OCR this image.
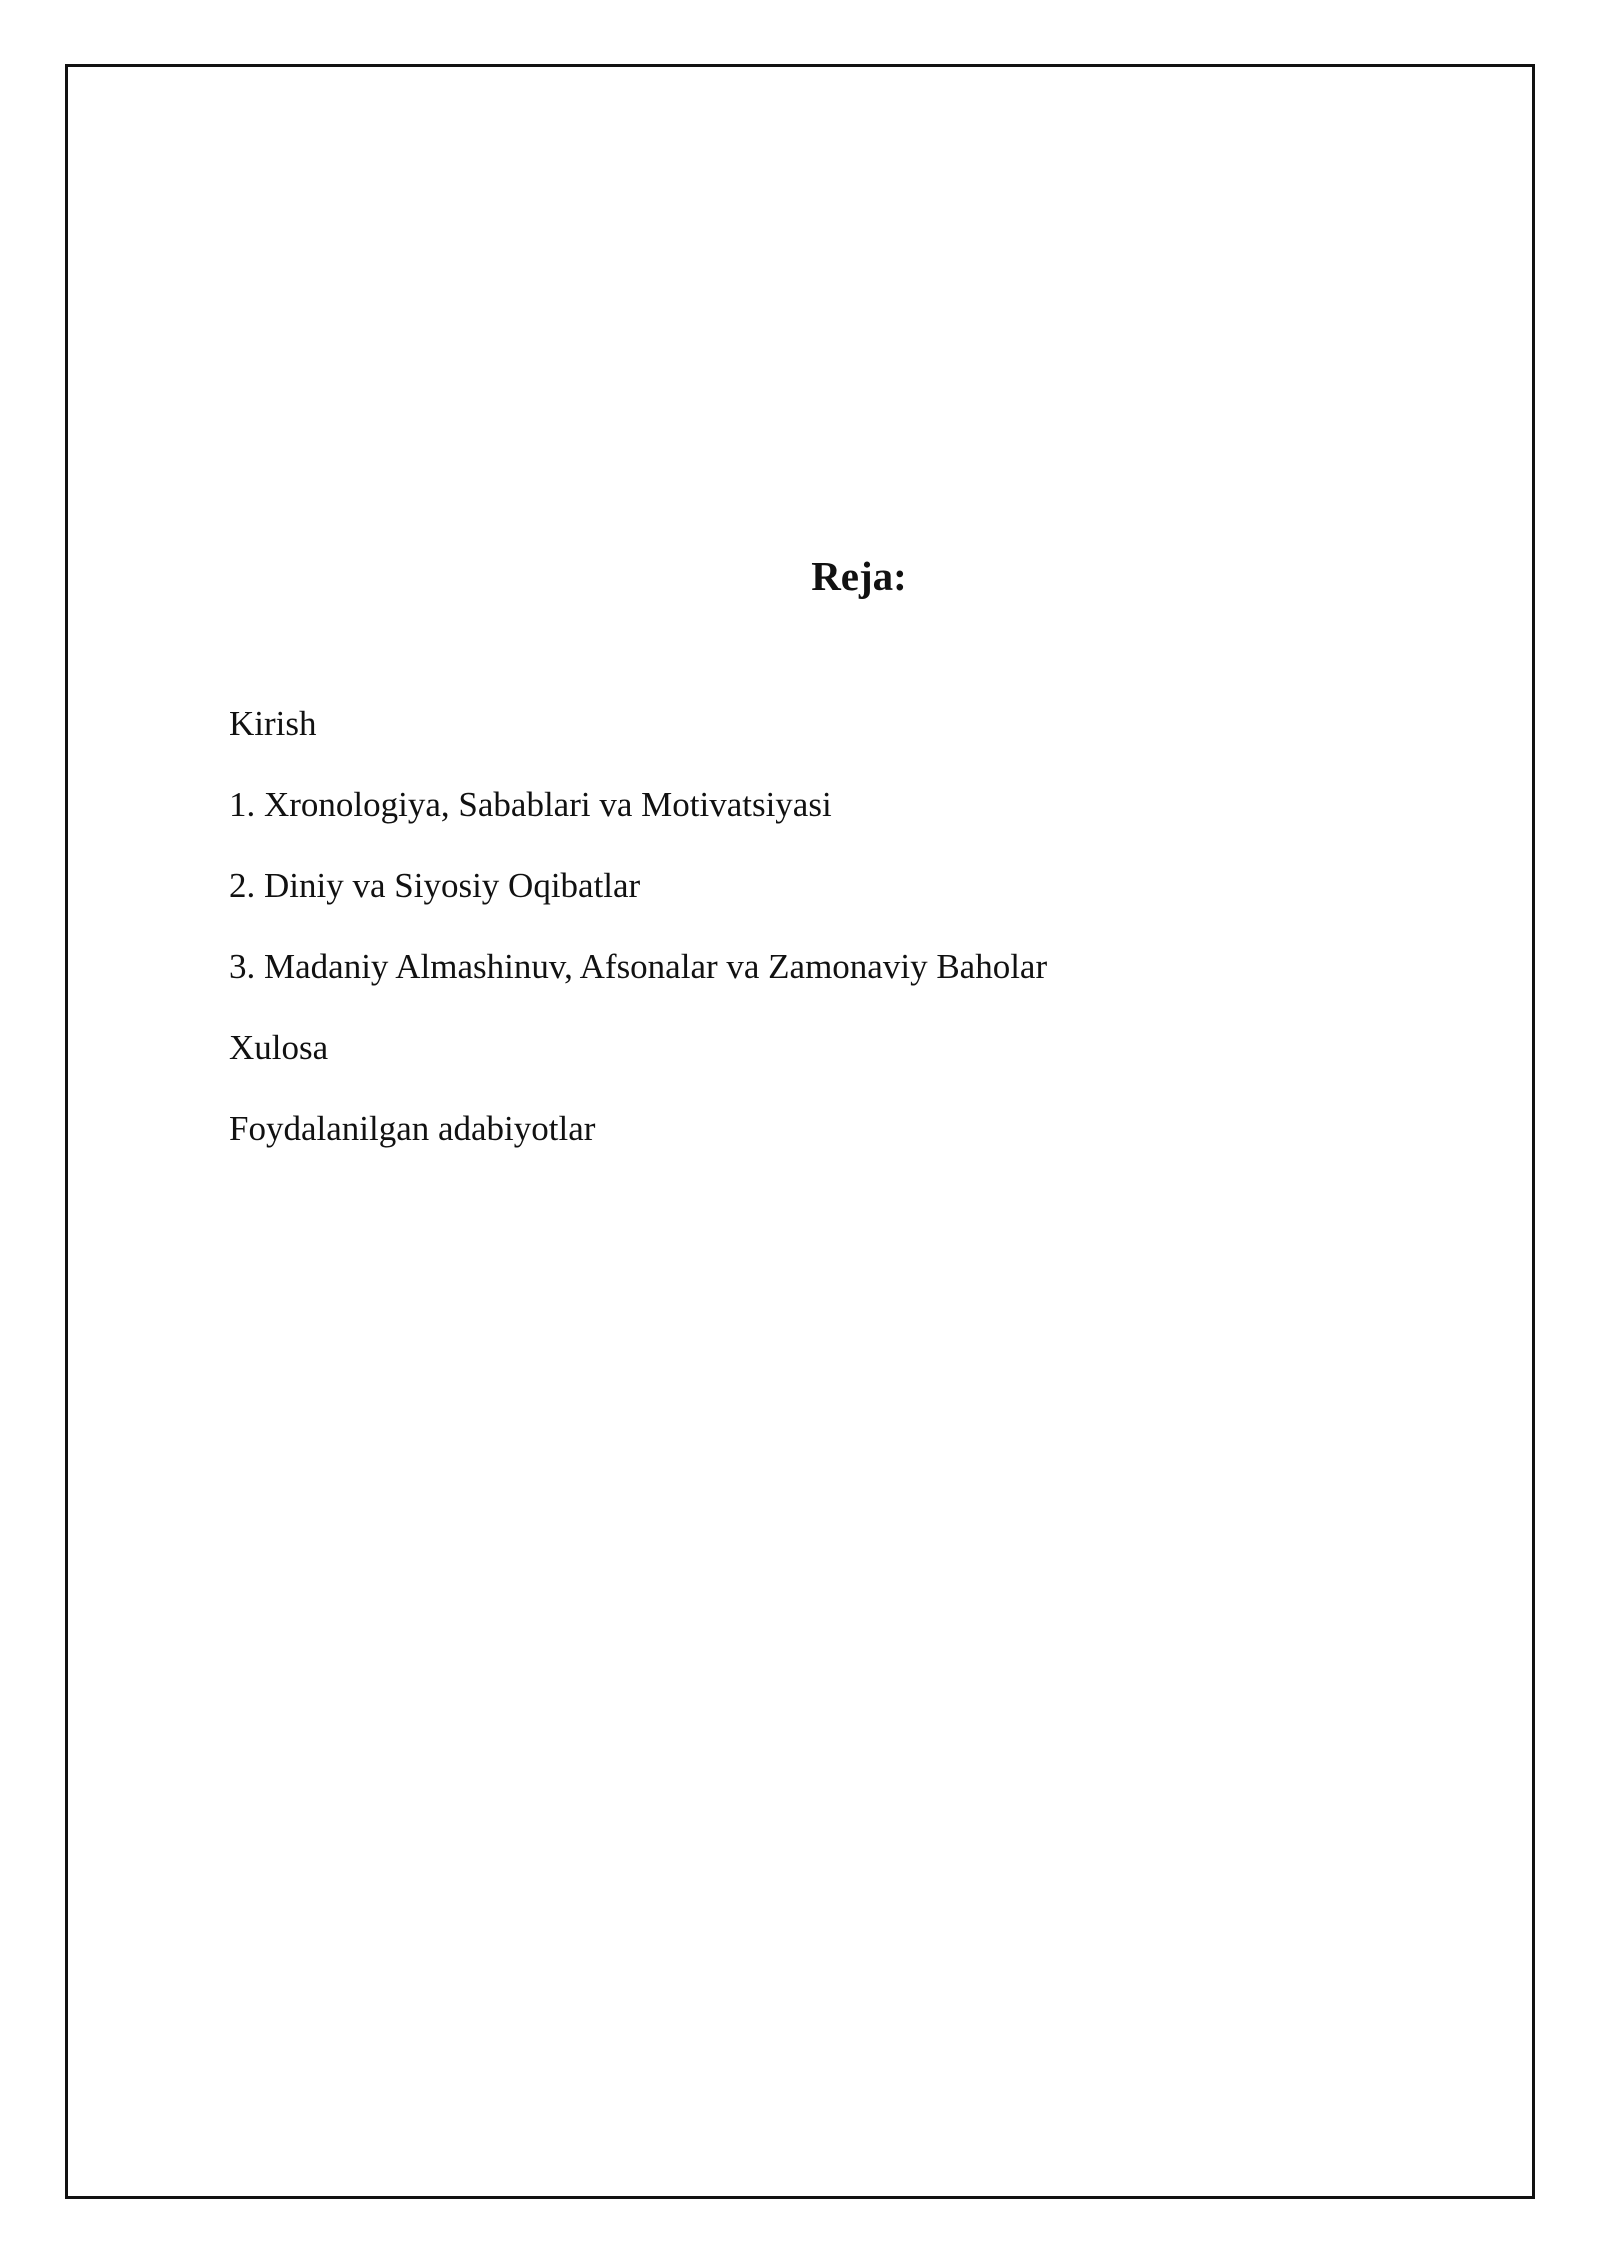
Reja:
Kirish
1. Xronologiya, Sabablari va Motivatsiyasi
2. Diniy va Siyosiy Oqibatlar
3. Madaniy Almashinuv, Afsonalar va Zamonaviy Baholar
Xulosa
Foydalanilgan adabiyotlar
